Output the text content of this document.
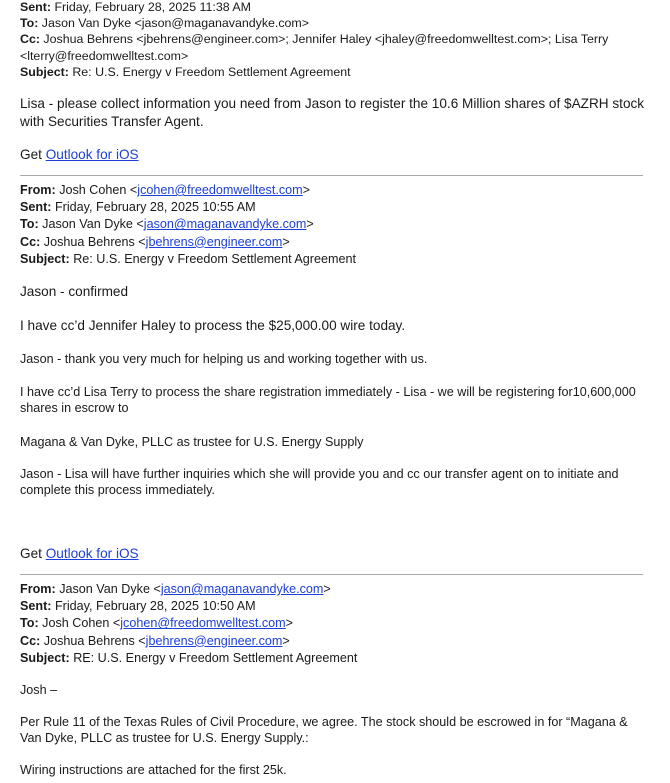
Sent: Friday, February 28, 2025 11:38 AM
To: Jason Van Dyke <jason@maganavandyke.com>
Cc: Joshua Behrens <jbehrens@engineer.com>; Jennifer Haley <jhaley@freedomwelltest.com>; Lisa Terry
<lterry@freedomwelltest.com>
Subject: Re: U.S. Energy v Freedom Settlement Agreement

Lisa - please collect information you need from Jason to register the 10.6 Million shares of $AZRH stock with Securities Transfer Agent.

Get Outlook for iOS

From: Josh Cohen <jcohen@freedomwelltest.com>
Sent: Friday, February 28, 2025 10:55 AM
To: Jason Van Dyke <jason@maganavandyke.com>
Cc: Joshua Behrens <jbehrens@engineer.com>
Subject: Re: U.S. Energy v Freedom Settlement Agreement

Jason - confirmed

I have cc’d Jennifer Haley to process the $25,000.00 wire today.

Jason - thank you very much for helping us and working together with us.

I have cc’d Lisa Terry to process the share registration immediately - Lisa - we will be registering for10,600,000 shares in escrow to

Magana & Van Dyke, PLLC as trustee for U.S. Energy Supply

Jason - Lisa will have further inquiries which she will provide you and cc our transfer agent on to initiate and complete this process immediately.

Get Outlook for iOS

From: Jason Van Dyke <jason@maganavandyke.com>
Sent: Friday, February 28, 2025 10:50 AM
To: Josh Cohen <jcohen@freedomwelltest.com>
Cc: Joshua Behrens <jbehrens@engineer.com>
Subject: RE: U.S. Energy v Freedom Settlement Agreement

Josh –

Per Rule 11 of the Texas Rules of Civil Procedure, we agree. The stock should be escrowed in for “Magana & Van Dyke, PLLC as trustee for U.S. Energy Supply.:

Wiring instructions are attached for the first 25k.
